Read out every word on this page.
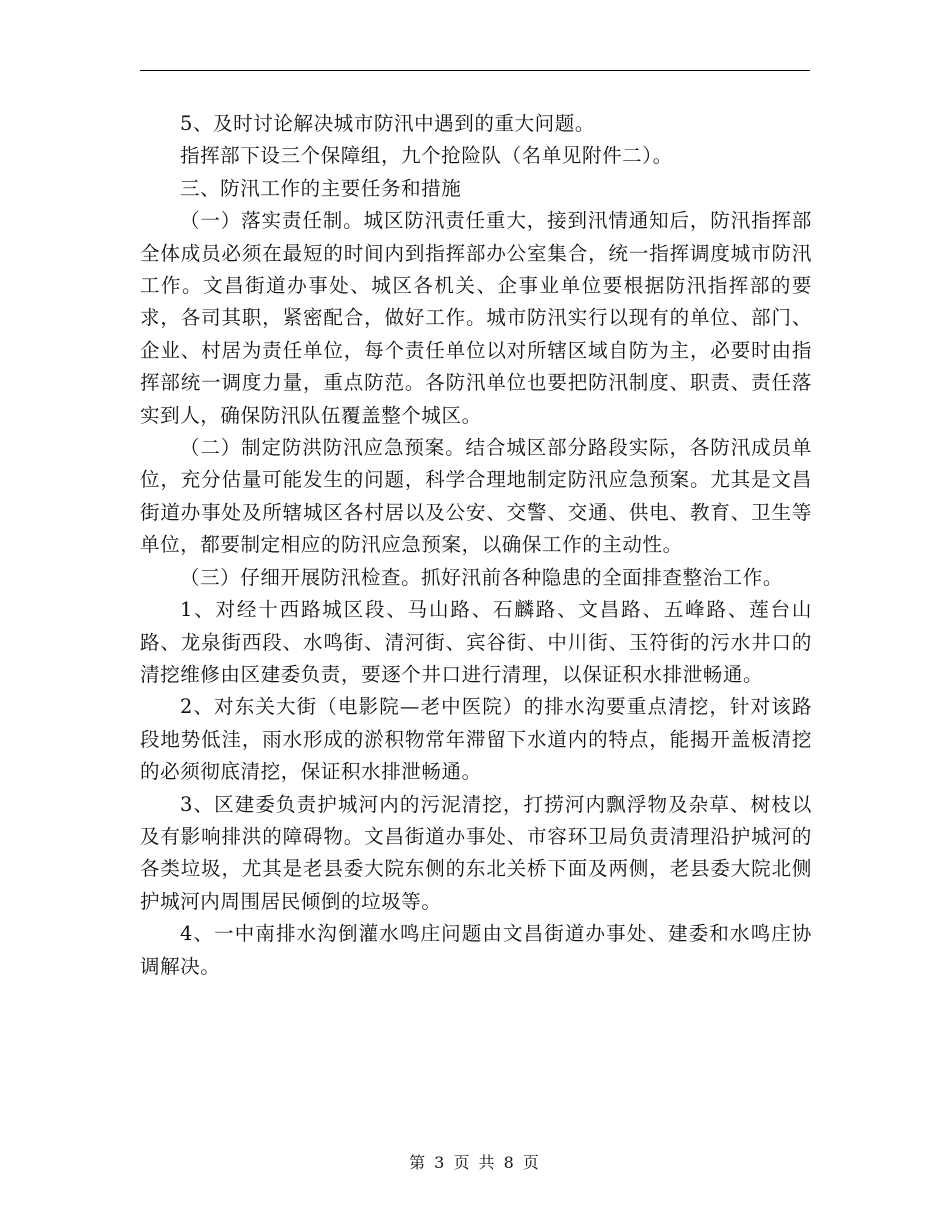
5、及时讨论解决城市防汛中遇到的重大问题。

指挥部下设三个保障组，九个抢险队（名单见附件二）。

三、防汛工作的主要任务和措施

（一）落实责任制。城区防汛责任重大，接到汛情通知后，防汛指挥部全体成员必须在最短的时间内到指挥部办公室集合，统一指挥调度城市防汛工作。文昌街道办事处、城区各机关、企事业单位要根据防汛指挥部的要求，各司其职，紧密配合，做好工作。城市防汛实行以现有的单位、部门、企业、村居为责任单位，每个责任单位以对所辖区域自防为主，必要时由指挥部统一调度力量，重点防范。各防汛单位也要把防汛制度、职责、责任落实到人，确保防汛队伍覆盖整个城区。

（二）制定防洪防汛应急预案。结合城区部分路段实际，各防汛成员单位，充分估量可能发生的问题，科学合理地制定防汛应急预案。尤其是文昌街道办事处及所辖城区各村居以及公安、交警、交通、供电、教育、卫生等单位，都要制定相应的防汛应急预案，以确保工作的主动性。

（三）仔细开展防汛检查。抓好汛前各种隐患的全面排查整治工作。

1、对经十西路城区段、马山路、石麟路、文昌路、五峰路、莲台山路、龙泉街西段、水鸣街、清河街、宾谷街、中川街、玉符街的污水井口的清挖维修由区建委负责，要逐个井口进行清理，以保证积水排泄畅通。

2、对东关大街（电影院—老中医院）的排水沟要重点清挖，针对该路段地势低洼，雨水形成的淤积物常年滞留下水道内的特点，能揭开盖板清挖的必须彻底清挖，保证积水排泄畅通。

3、区建委负责护城河内的污泥清挖，打捞河内飘浮物及杂草、树枝以及有影响排洪的障碍物。文昌街道办事处、市容环卫局负责清理沿护城河的各类垃圾，尤其是老县委大院东侧的东北关桥下面及两侧，老县委大院北侧护城河内周围居民倾倒的垃圾等。

4、一中南排水沟倒灌水鸣庄问题由文昌街道办事处、建委和水鸣庄协调解决。

第 3 页 共 8 页
